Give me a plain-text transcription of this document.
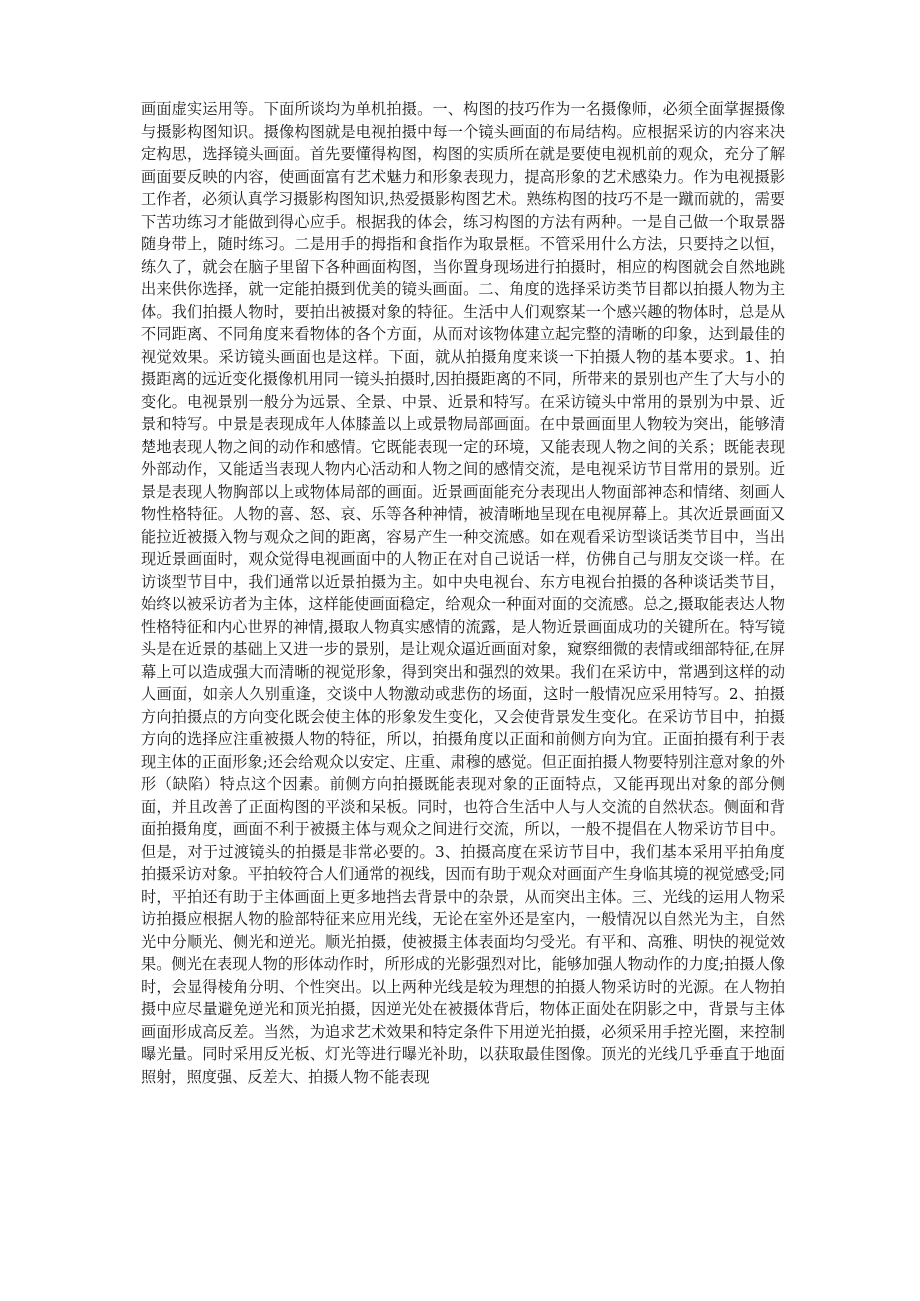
画面虚实运用等。下面所谈均为单机拍摄。一、构图的技巧作为一名摄像师，必须全面掌握摄像与摄影构图知识。摄像构图就是电视拍摄中每一个镜头画面的布局结构。应根据采访的内容来决定构思，选择镜头画面。首先要懂得构图，构图的实质所在就是要使电视机前的观众，充分了解画面要反映的内容，使画面富有艺术魅力和形象表现力，提高形象的艺术感染力。作为电视摄影工作者，必须认真学习摄影构图知识,热爱摄影构图艺术。熟练构图的技巧不是一蹴而就的，需要下苦功练习才能做到得心应手。根据我的体会，练习构图的方法有两种。一是自己做一个取景器随身带上，随时练习。二是用手的拇指和食指作为取景框。不管采用什么方法，只要持之以恒，练久了，就会在脑子里留下各种画面构图，当你置身现场进行拍摄时，相应的构图就会自然地跳出来供你选择，就一定能拍摄到优美的镜头画面。二、角度的选择采访类节目都以拍摄人物为主体。我们拍摄人物时，要拍出被摄对象的特征。生活中人们观察某一个感兴趣的物体时，总是从不同距离、不同角度来看物体的各个方面，从而对该物体建立起完整的清晰的印象，达到最佳的视觉效果。采访镜头画面也是这样。下面，就从拍摄角度来谈一下拍摄人物的基本要求。1、拍摄距离的远近变化摄像机用同一镜头拍摄时,因拍摄距离的不同，所带来的景别也产生了大与小的变化。电视景别一般分为远景、全景、中景、近景和特写。在采访镜头中常用的景别为中景、近景和特写。中景是表现成年人体膝盖以上或景物局部画面。在中景画面里人物较为突出，能够清楚地表现人物之间的动作和感情。它既能表现一定的环境，又能表现人物之间的关系；既能表现外部动作，又能适当表现人物内心活动和人物之间的感情交流，是电视采访节目常用的景别。近景是表现人物胸部以上或物体局部的画面。近景画面能充分表现出人物面部神态和情绪、刻画人物性格特征。人物的喜、怒、哀、乐等各种神情，被清晰地呈现在电视屏幕上。其次近景画面又能拉近被摄入物与观众之间的距离，容易产生一种交流感。如在观看采访型谈话类节目中，当出现近景画面时，观众觉得电视画面中的人物正在对自己说话一样，仿佛自己与朋友交谈一样。在访谈型节目中，我们通常以近景拍摄为主。如中央电视台、东方电视台拍摄的各种谈话类节目，始终以被采访者为主体，这样能使画面稳定，给观众一种面对面的交流感。总之,摄取能表达人物性格特征和内心世界的神情,摄取人物真实感情的流露，是人物近景画面成功的关键所在。特写镜头是在近景的基础上又进一步的景别，是让观众逼近画面对象，窥察细微的表情或细部特征,在屏幕上可以造成强大而清晰的视觉形象，得到突出和强烈的效果。我们在采访中，常遇到这样的动人画面，如亲人久别重逢，交谈中人物激动或悲伤的场面，这时一般情况应采用特写。2、拍摄方向拍摄点的方向变化既会使主体的形象发生变化，又会使背景发生变化。在采访节目中，拍摄方向的选择应注重被摄人物的特征，所以，拍摄角度以正面和前侧方向为宜。正面拍摄有利于表现主体的正面形象;还会给观众以安定、庄重、肃穆的感觉。但正面拍摄人物要特别注意对象的外形（缺陷）特点这个因素。前侧方向拍摄既能表现对象的正面特点，又能再现出对象的部分侧面，并且改善了正面构图的平淡和呆板。同时，也符合生活中人与人交流的自然状态。侧面和背面拍摄角度，画面不利于被摄主体与观众之间进行交流，所以，一般不提倡在人物采访节目中。但是，对于过渡镜头的拍摄是非常必要的。3、拍摄高度在采访节目中，我们基本采用平拍角度拍摄采访对象。平拍较符合人们通常的视线，因而有助于观众对画面产生身临其境的视觉感受;同时，平拍还有助于主体画面上更多地挡去背景中的杂景，从而突出主体。三、光线的运用人物采访拍摄应根据人物的脸部特征来应用光线，无论在室外还是室内，一般情况以自然光为主，自然光中分顺光、侧光和逆光。顺光拍摄，使被摄主体表面均匀受光。有平和、高雅、明快的视觉效果。侧光在表现人物的形体动作时，所形成的光影强烈对比，能够加强人物动作的力度;拍摄人像时，会显得棱角分明、个性突出。以上两种光线是较为理想的拍摄人物采访时的光源。在人物拍摄中应尽量避免逆光和顶光拍摄，因逆光处在被摄体背后，物体正面处在阴影之中，背景与主体画面形成高反差。当然，为追求艺术效果和特定条件下用逆光拍摄，必须采用手控光圈，来控制曝光量。同时采用反光板、灯光等进行曝光补助，以获取最佳图像。顶光的光线几乎垂直于地面照射，照度强、反差大、拍摄人物不能表现
